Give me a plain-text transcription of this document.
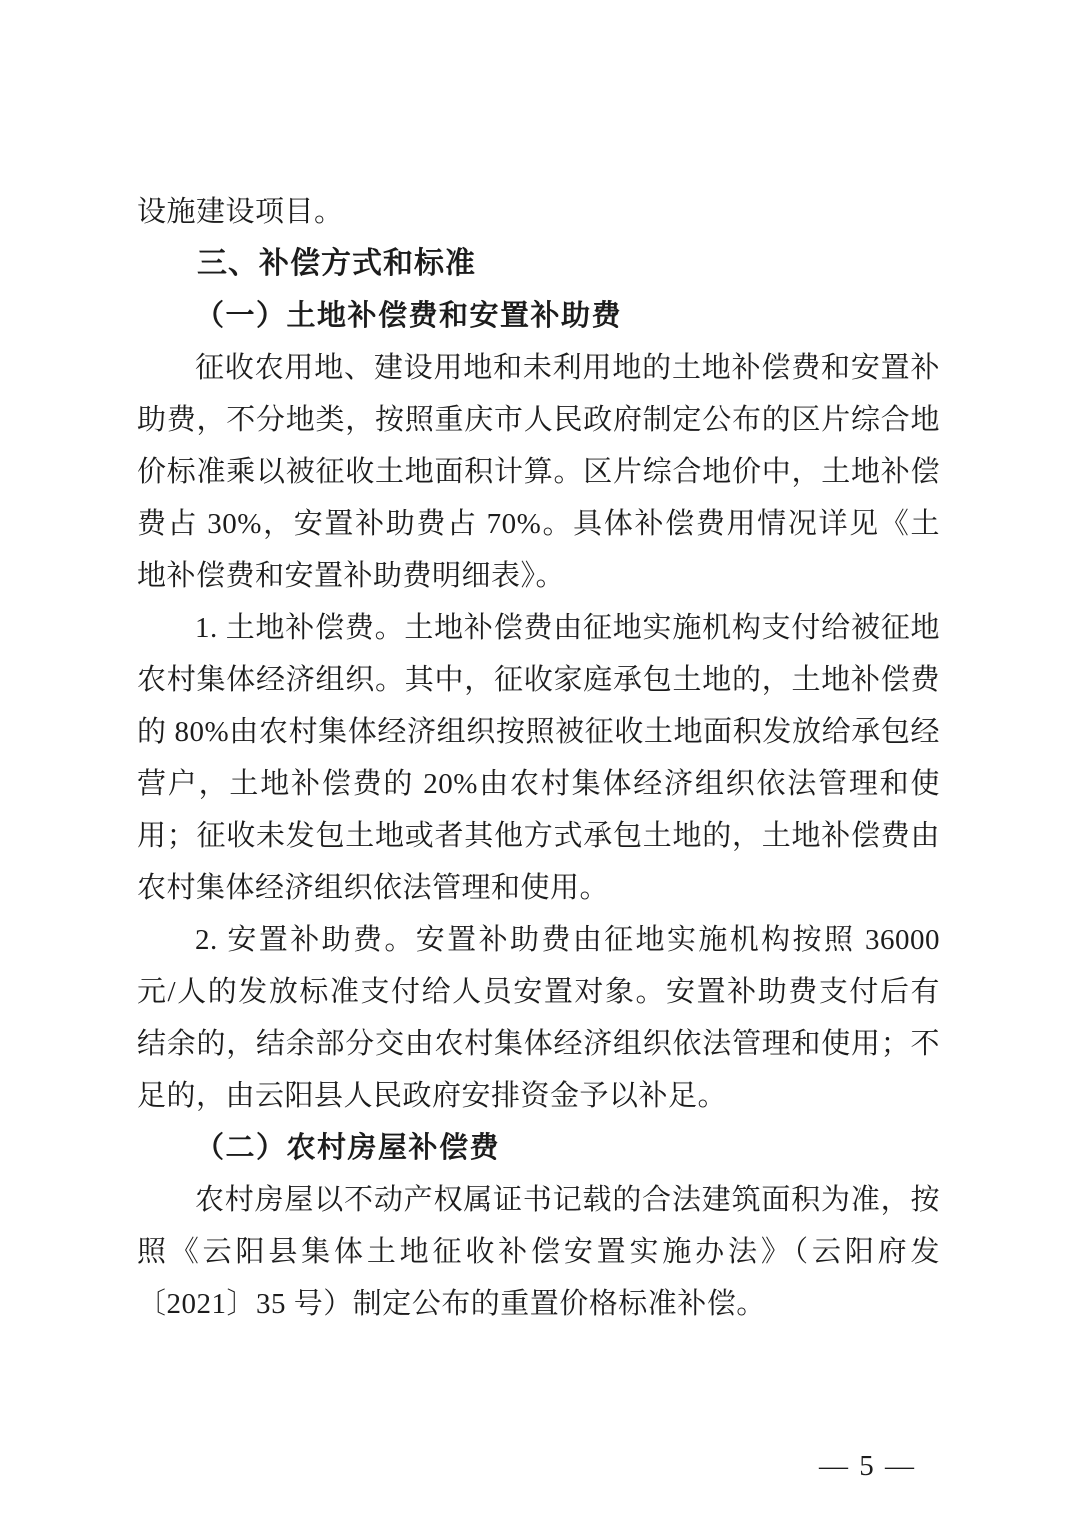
设施建设项目。

三、补偿方式和标准
（一）土地补偿费和安置补助费

征收农用地、建设用地和未利用地的土地补偿费和安置补助费，不分地类，按照重庆市人民政府制定公布的区片综合地价标准乘以被征收土地面积计算。区片综合地价中，土地补偿费占 30%，安置补助费占 70%。具体补偿费用情况详见《土地补偿费和安置补助费明细表》。

1. 土地补偿费。土地补偿费由征地实施机构支付给被征地农村集体经济组织。其中，征收家庭承包土地的，土地补偿费的 80%由农村集体经济组织按照被征收土地面积发放给承包经营户，土地补偿费的 20%由农村集体经济组织依法管理和使用；征收未发包土地或者其他方式承包土地的，土地补偿费由农村集体经济组织依法管理和使用。

2. 安置补助费。安置补助费由征地实施机构按照 36000 元/人的发放标准支付给人员安置对象。安置补助费支付后有结余的，结余部分交由农村集体经济组织依法管理和使用；不足的，由云阳县人民政府安排资金予以补足。

（二）农村房屋补偿费

农村房屋以不动产权属证书记载的合法建筑面积为准，按照《云阳县集体土地征收补偿安置实施办法》（云阳府发〔2021〕35 号）制定公布的重置价格标准补偿。

— 5 —
